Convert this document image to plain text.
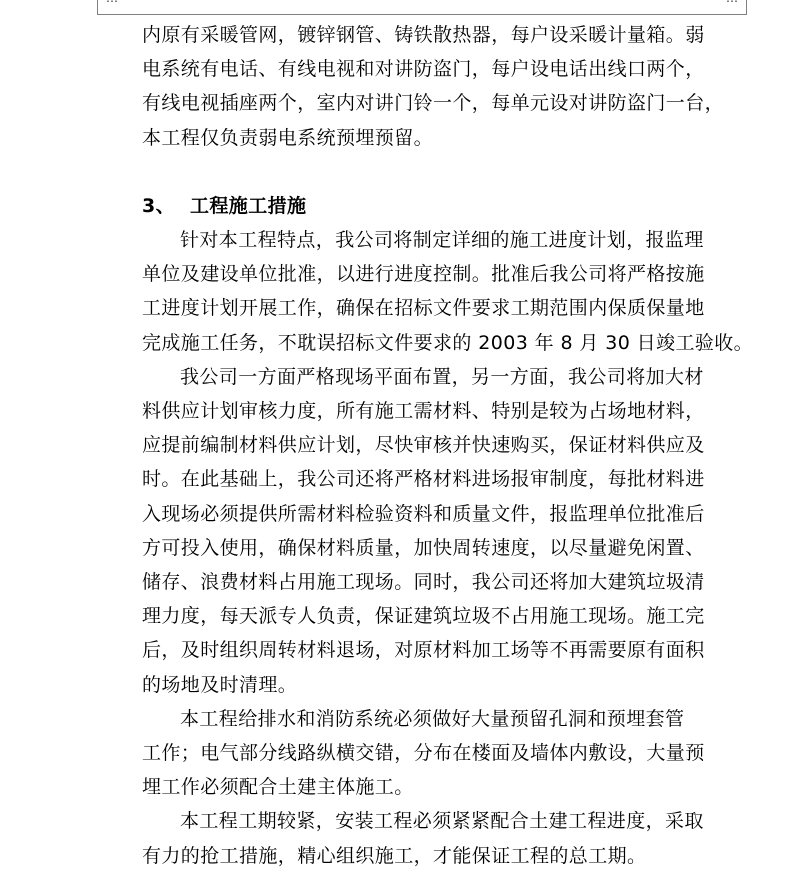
内原有采暖管网，镀锌钢管、铸铁散热器，每户设采暖计量箱。弱
电系统有电话、有线电视和对讲防盗门，每户设电话出线口两个，
有线电视插座两个，室内对讲门铃一个，每单元设对讲防盗门一台，
本工程仅负责弱电系统预埋预留。

3、 工程施工措施

针对本工程特点，我公司将制定详细的施工进度计划，报监理
单位及建设单位批准，以进行进度控制。批准后我公司将严格按施
工进度计划开展工作，确保在招标文件要求工期范围内保质保量地
完成施工任务，不耽误招标文件要求的 2003 年 8 月 30 日竣工验收。

我公司一方面严格现场平面布置，另一方面，我公司将加大材
料供应计划审核力度，所有施工需材料、特别是较为占场地材料，
应提前编制材料供应计划，尽快审核并快速购买，保证材料供应及
时。在此基础上，我公司还将严格材料进场报审制度，每批材料进
入现场必须提供所需材料检验资料和质量文件，报监理单位批准后
方可投入使用，确保材料质量，加快周转速度，以尽量避免闲置、
储存、浪费材料占用施工现场。同时，我公司还将加大建筑垃圾清
理力度，每天派专人负责，保证建筑垃圾不占用施工现场。施工完
后，及时组织周转材料退场，对原材料加工场等不再需要原有面积
的场地及时清理。

本工程给排水和消防系统必须做好大量预留孔洞和预埋套管
工作；电气部分线路纵横交错，分布在楼面及墙体内敷设，大量预
埋工作必须配合土建主体施工。

本工程工期较紧，安装工程必须紧紧配合土建工程进度，采取
有力的抢工措施，精心组织施工，才能保证工程的总工期。
